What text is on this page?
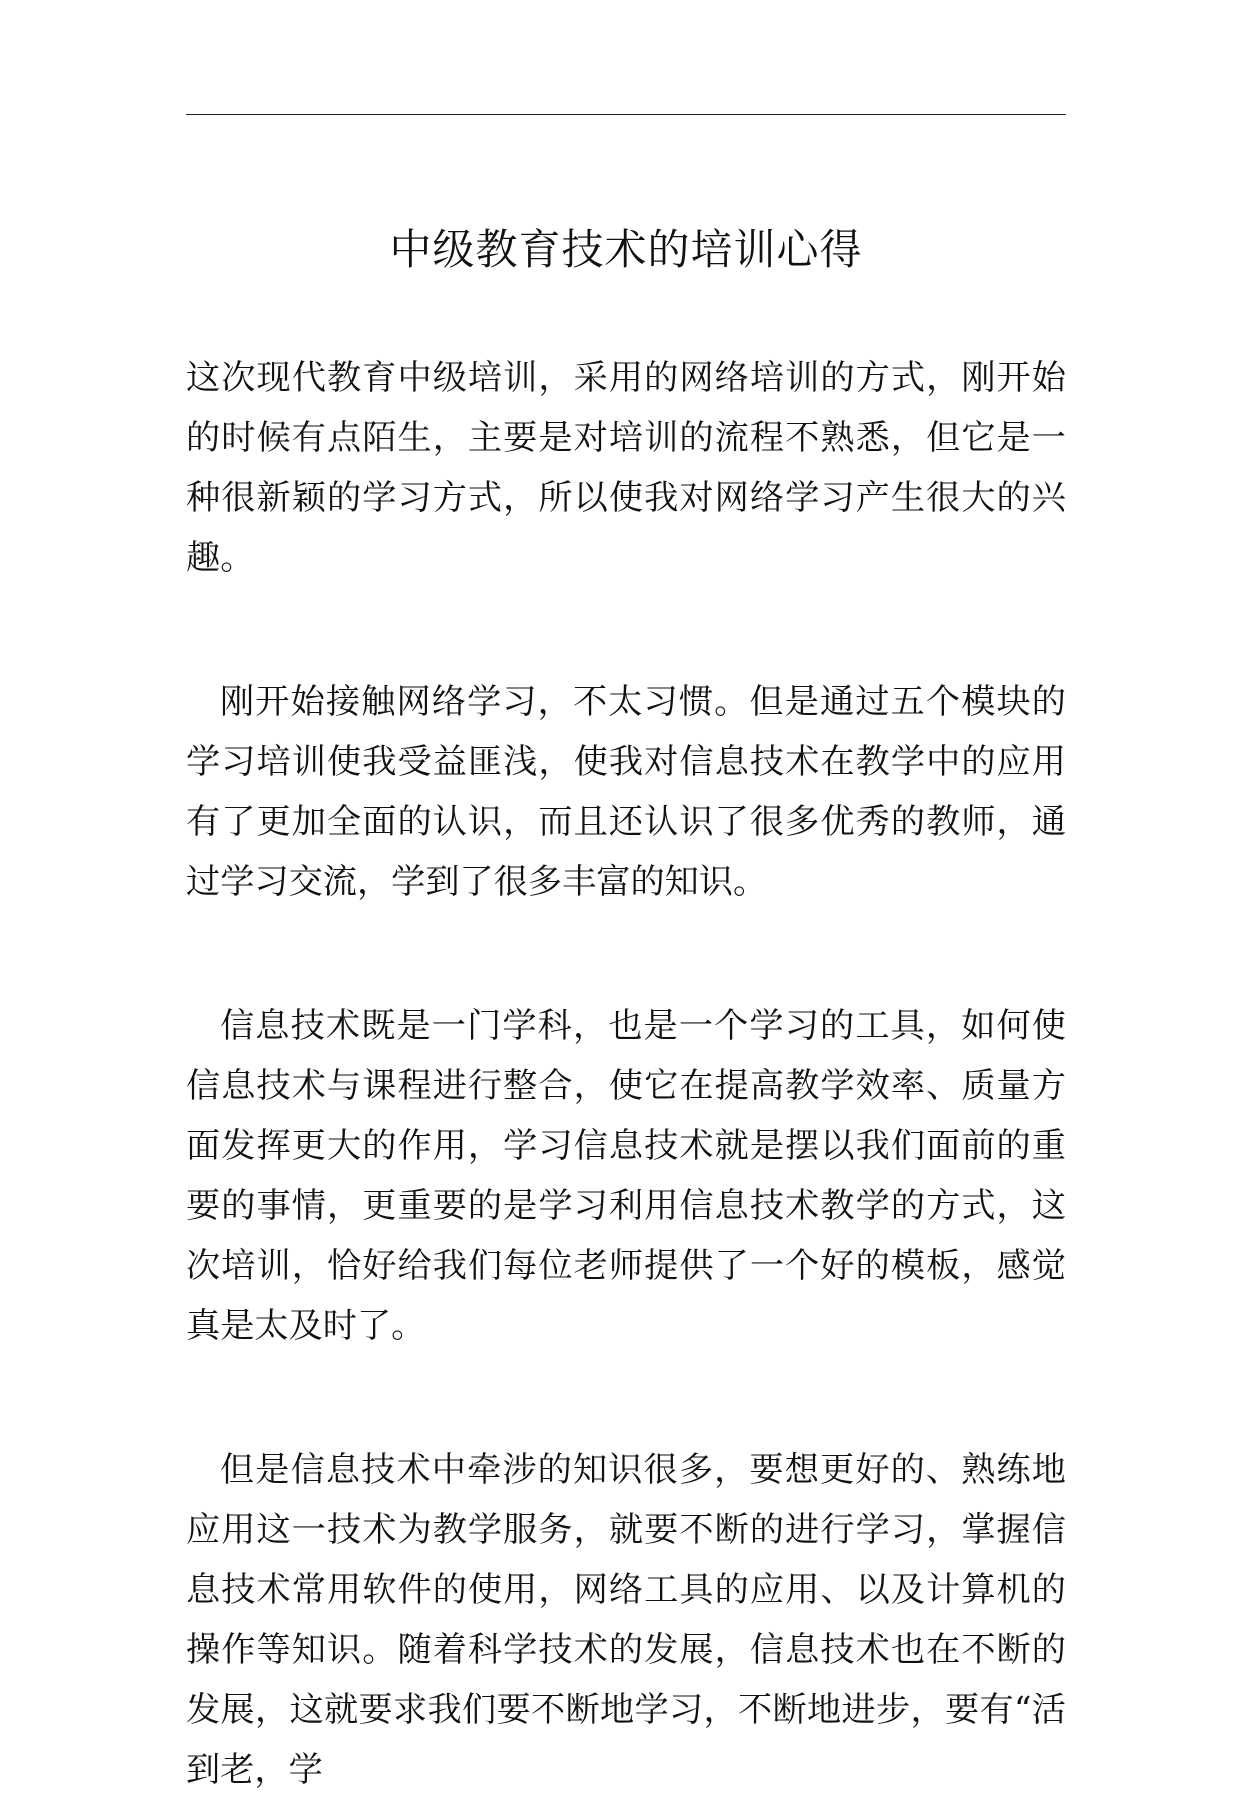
中级教育技术的培训心得

这次现代教育中级培训，采用的网络培训的方式，刚开始的时候有点陌生，主要是对培训的流程不熟悉，但它是一种很新颖的学习方式，所以使我对网络学习产生很大的兴趣。

刚开始接触网络学习，不太习惯。但是通过五个模块的学习培训使我受益匪浅，使我对信息技术在教学中的应用有了更加全面的认识，而且还认识了很多优秀的教师，通过学习交流，学到了很多丰富的知识。

信息技术既是一门学科，也是一个学习的工具，如何使信息技术与课程进行整合，使它在提高教学效率、质量方面发挥更大的作用，学习信息技术就是摆以我们面前的重要的事情，更重要的是学习利用信息技术教学的方式，这次培训，恰好给我们每位老师提供了一个好的模板，感觉真是太及时了。

但是信息技术中牵涉的知识很多，要想更好的、熟练地应用这一技术为教学服务，就要不断的进行学习，掌握信息技术常用软件的使用，网络工具的应用、以及计算机的操作等知识。随着科学技术的发展，信息技术也在不断的发展，这就要求我们要不断地学习，不断地进步，要有“活到老，学
